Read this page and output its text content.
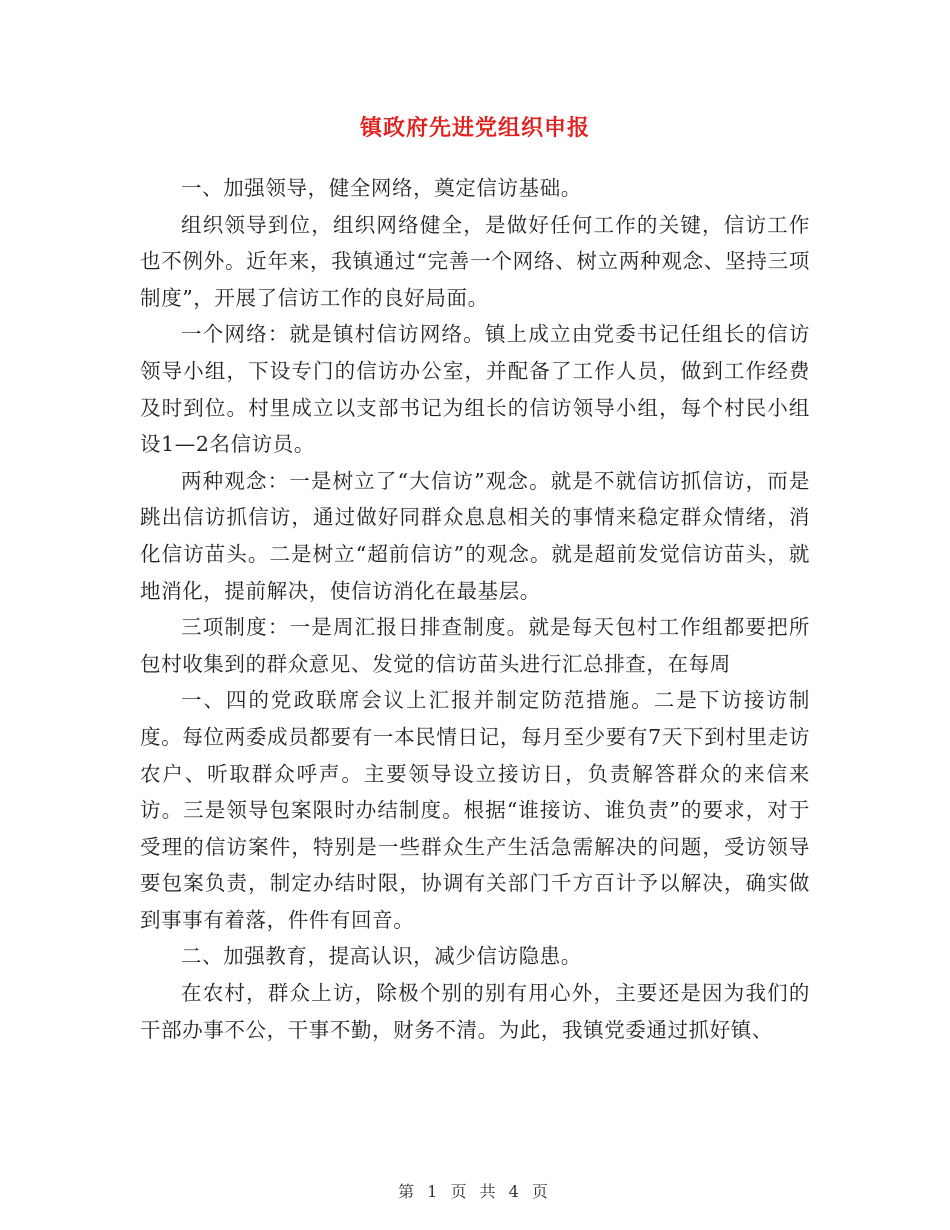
镇政府先进党组织申报

一、加强领导，健全网络，奠定信访基础。

组织领导到位，组织网络健全，是做好任何工作的关键，信访工作也不例外。近年来，我镇通过“完善一个网络、树立两种观念、坚持三项制度”，开展了信访工作的良好局面。

一个网络：就是镇村信访网络。镇上成立由党委书记任组长的信访领导小组，下设专门的信访办公室，并配备了工作人员，做到工作经费及时到位。村里成立以支部书记为组长的信访领导小组，每个村民小组设1—2名信访员。

两种观念：一是树立了“大信访”观念。就是不就信访抓信访，而是跳出信访抓信访，通过做好同群众息息相关的事情来稳定群众情绪，消化信访苗头。二是树立“超前信访”的观念。就是超前发觉信访苗头，就地消化，提前解决，使信访消化在最基层。

三项制度：一是周汇报日排查制度。就是每天包村工作组都要把所包村收集到的群众意见、发觉的信访苗头进行汇总排查，在每周

一、四的党政联席会议上汇报并制定防范措施。二是下访接访制度。每位两委成员都要有一本民情日记，每月至少要有7天下到村里走访农户、听取群众呼声。主要领导设立接访日，负责解答群众的来信来访。三是领导包案限时办结制度。根据“谁接访、谁负责”的要求，对于受理的信访案件，特别是一些群众生产生活急需解决的问题，受访领导要包案负责，制定办结时限，协调有关部门千方百计予以解决，确实做到事事有着落，件件有回音。

二、加强教育，提高认识，减少信访隐患。

在农村，群众上访，除极个别的别有用心外，主要还是因为我们的干部办事不公，干事不勤，财务不清。为此，我镇党委通过抓好镇、

第 1 页 共 4 页
